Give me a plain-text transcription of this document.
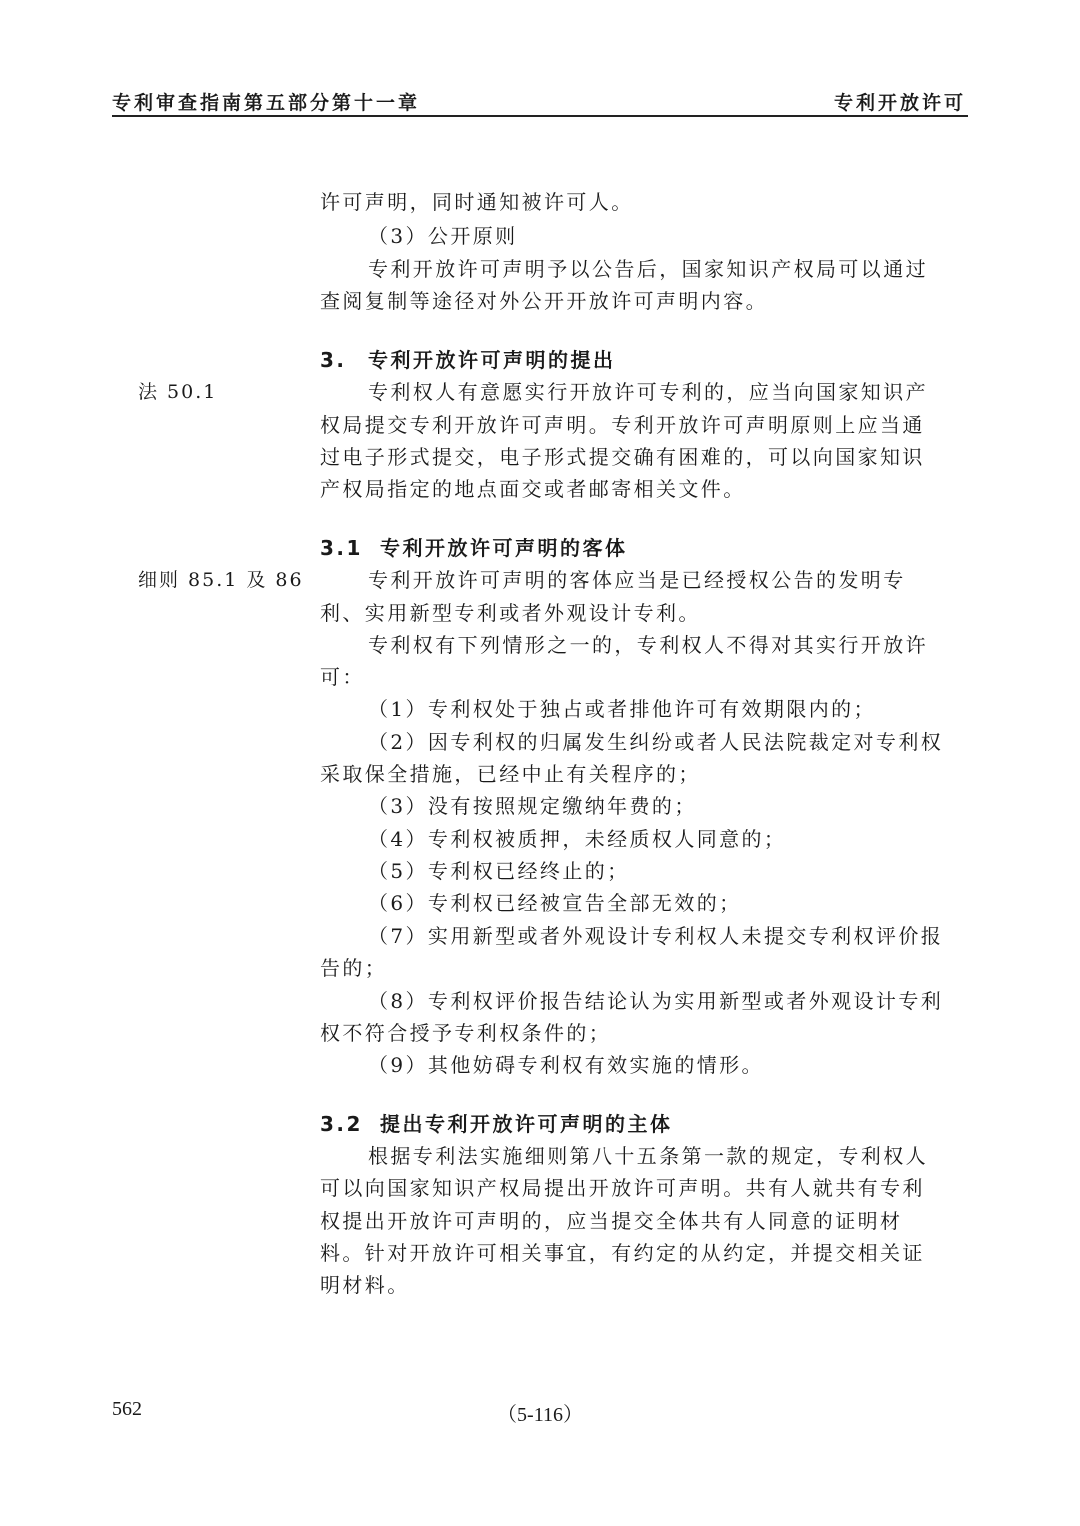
专利审查指南第五部分第十一章	专利开放许可
许可声明，同时通知被许可人。
（3）公开原则
专利开放许可声明予以公告后，国家知识产权局可以通过
查阅复制等途径对外公开开放许可声明内容。
3. 专利开放许可声明的提出
法 50.1	专利权人有意愿实行开放许可专利的，应当向国家知识产
权局提交专利开放许可声明。专利开放许可声明原则上应当通
过电子形式提交，电子形式提交确有困难的，可以向国家知识
产权局指定的地点面交或者邮寄相关文件。
3.1 专利开放许可声明的客体
细则 85.1 及 86	专利开放许可声明的客体应当是已经授权公告的发明专
利、实用新型专利或者外观设计专利。
专利权有下列情形之一的，专利权人不得对其实行开放许
可：
（1）专利权处于独占或者排他许可有效期限内的；
（2）因专利权的归属发生纠纷或者人民法院裁定对专利权
采取保全措施，已经中止有关程序的；
（3）没有按照规定缴纳年费的；
（4）专利权被质押，未经质权人同意的；
（5）专利权已经终止的；
（6）专利权已经被宣告全部无效的；
（7）实用新型或者外观设计专利权人未提交专利权评价报
告的；
（8）专利权评价报告结论认为实用新型或者外观设计专利
权不符合授予专利权条件的；
（9）其他妨碍专利权有效实施的情形。
3.2 提出专利开放许可声明的主体
根据专利法实施细则第八十五条第一款的规定，专利权人
可以向国家知识产权局提出开放许可声明。共有人就共有专利
权提出开放许可声明的，应当提交全体共有人同意的证明材
料。针对开放许可相关事宜，有约定的从约定，并提交相关证
明材料。
562	（5-116）
